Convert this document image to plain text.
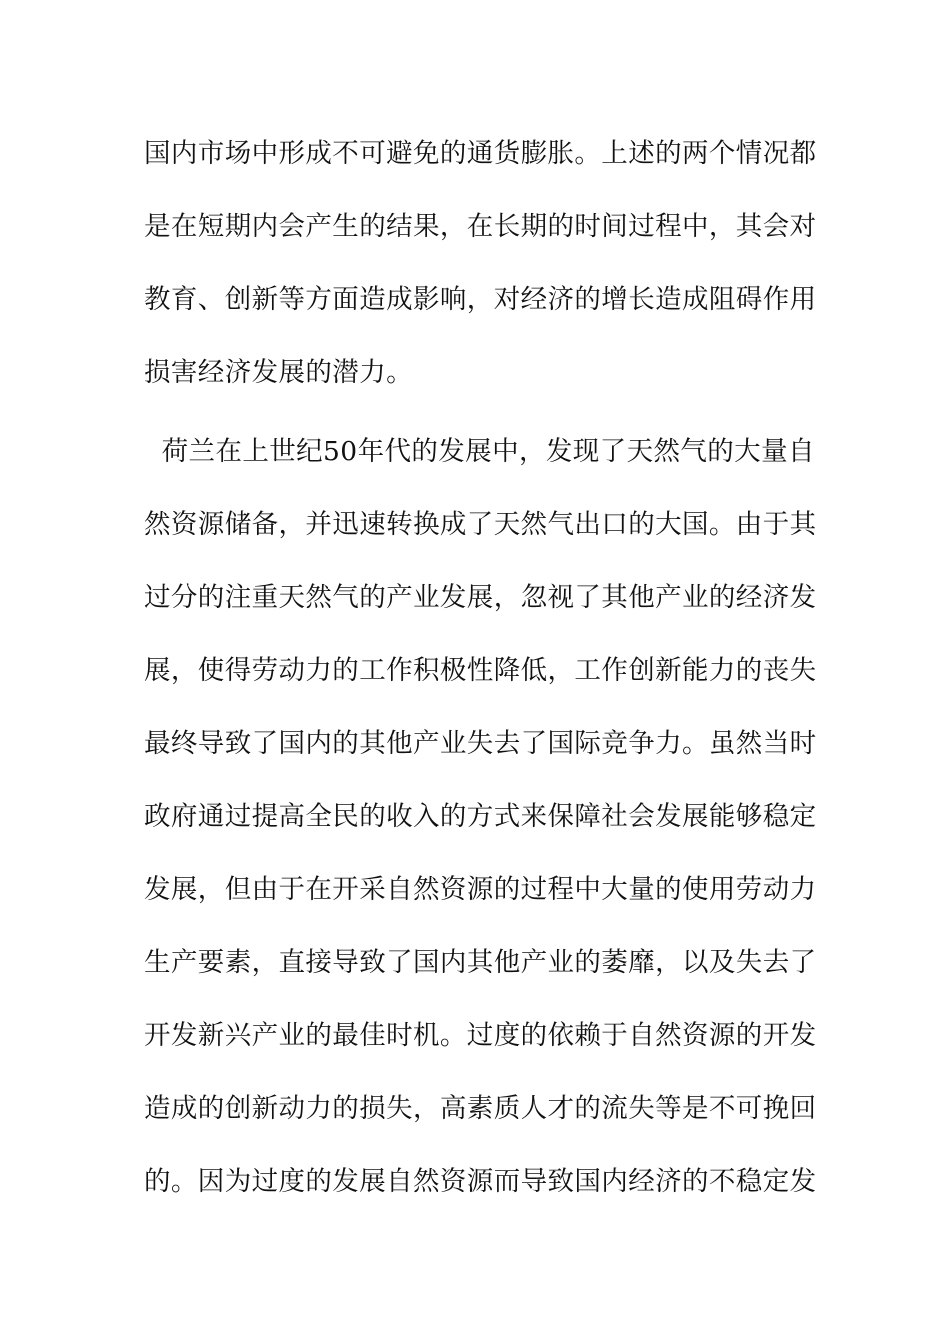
国内市场中形成不可避免的通货膨胀。上述的两个情况都
是在短期内会产生的结果，在长期的时间过程中，其会对
教育、创新等方面造成影响，对经济的增长造成阻碍作用
损害经济发展的潜力。
荷兰在上世纪50年代的发展中，发现了天然气的大量自
然资源储备，并迅速转换成了天然气出口的大国。由于其
过分的注重天然气的产业发展，忽视了其他产业的经济发
展，使得劳动力的工作积极性降低，工作创新能力的丧失
最终导致了国内的其他产业失去了国际竞争力。虽然当时
政府通过提高全民的收入的方式来保障社会发展能够稳定
发展，但由于在开采自然资源的过程中大量的使用劳动力
生产要素，直接导致了国内其他产业的萎靡，以及失去了
开发新兴产业的最佳时机。过度的依赖于自然资源的开发
造成的创新动力的损失，高素质人才的流失等是不可挽回
的。因为过度的发展自然资源而导致国内经济的不稳定发
